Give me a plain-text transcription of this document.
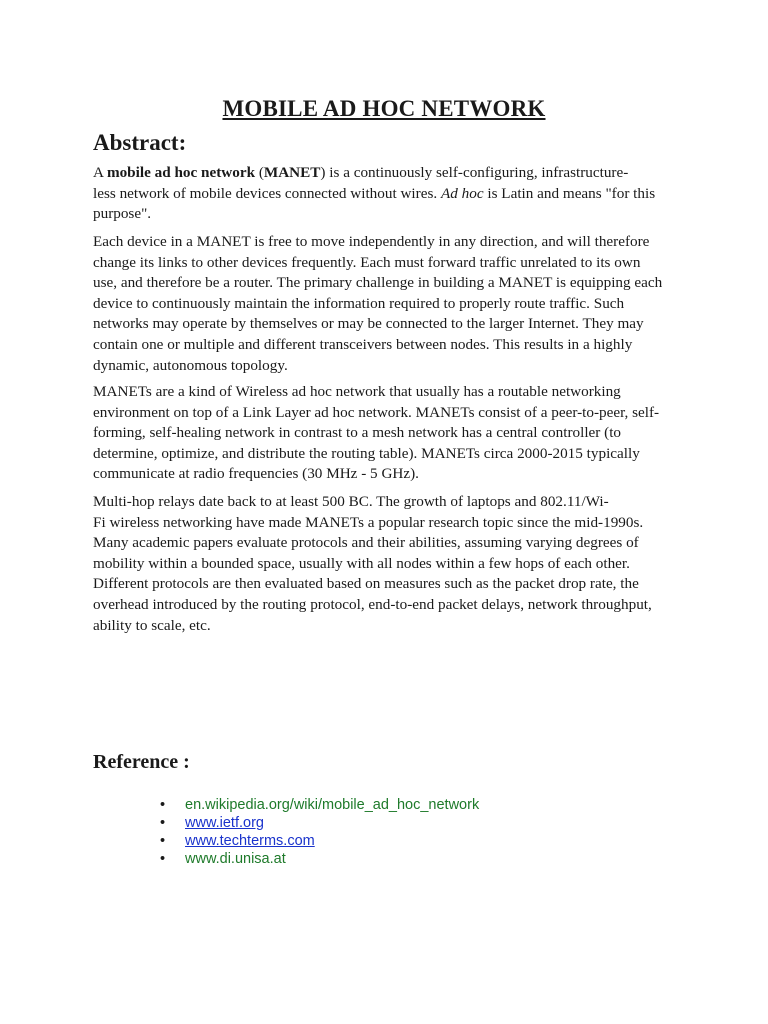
MOBILE AD HOC NETWORK
Abstract:

A mobile ad hoc network (MANET) is a continuously self-configuring, infrastructure-
less network of mobile devices connected without wires. Ad hoc is Latin and means "for this
purpose".

Each device in a MANET is free to move independently in any direction, and will therefore
change its links to other devices frequently. Each must forward traffic unrelated to its own
use, and therefore be a router. The primary challenge in building a MANET is equipping each
device to continuously maintain the information required to properly route traffic. Such
networks may operate by themselves or may be connected to the larger Internet. They may
contain one or multiple and different transceivers between nodes. This results in a highly
dynamic, autonomous topology.

MANETs are a kind of Wireless ad hoc network that usually has a routable networking
environment on top of a Link Layer ad hoc network. MANETs consist of a peer-to-peer, self-
forming, self-healing network in contrast to a mesh network has a central controller (to
determine, optimize, and distribute the routing table). MANETs circa 2000-2015 typically
communicate at radio frequencies (30 MHz - 5 GHz).

Multi-hop relays date back to at least 500 BC. The growth of laptops and 802.11/Wi-
Fi wireless networking have made MANETs a popular research topic since the mid-1990s.
Many academic papers evaluate protocols and their abilities, assuming varying degrees of
mobility within a bounded space, usually with all nodes within a few hops of each other.
Different protocols are then evaluated based on measures such as the packet drop rate, the
overhead introduced by the routing protocol, end-to-end packet delays, network throughput,
ability to scale, etc.

Reference :
• en.wikipedia.org/wiki/mobile_ad_hoc_network
• www.ietf.org
• www.techterms.com
• www.di.unisa.at
